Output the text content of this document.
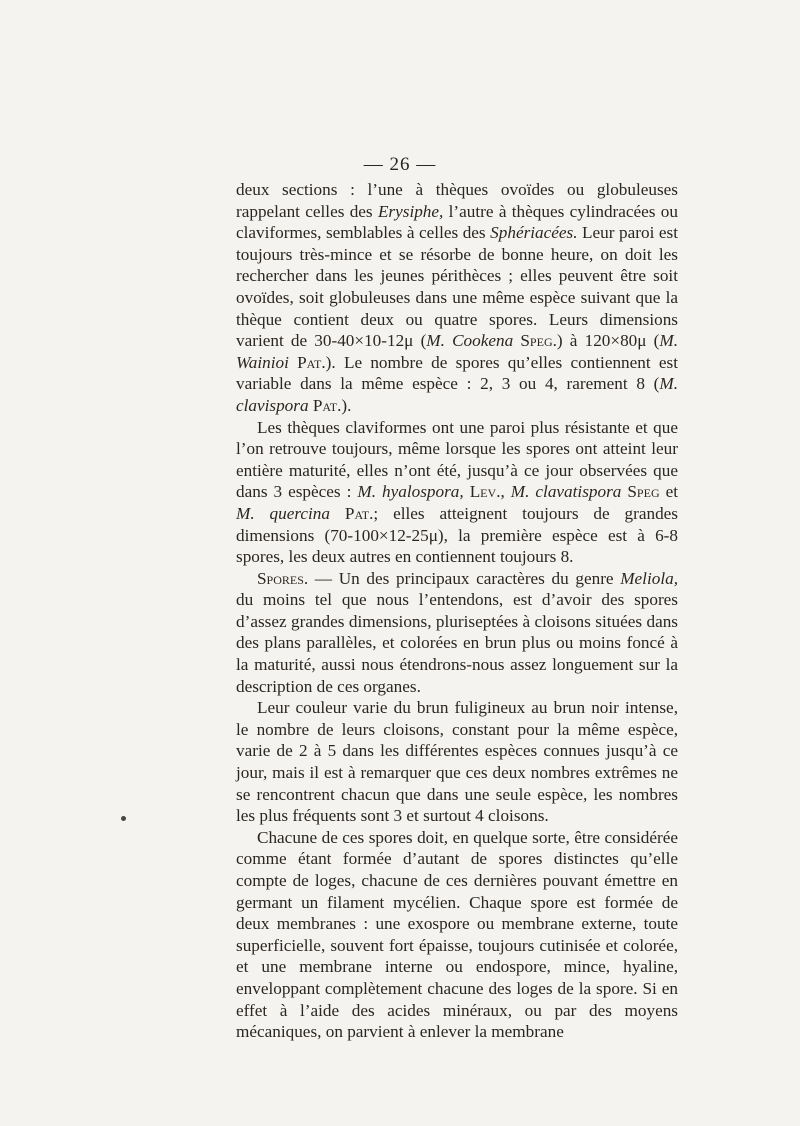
— 26 —

deux sections : l’une à thèques ovoïdes ou globuleuses rappelant celles des Erysiphe, l’autre à thèques cylindracées ou claviformes, semblables à celles des Sphériacées. Leur paroi est toujours très-mince et se résorbe de bonne heure, on doit les rechercher dans les jeunes périthèces ; elles peuvent être soit ovoïdes, soit globuleuses dans une même espèce suivant que la thèque contient deux ou quatre spores. Leurs dimensions varient de 30-40×10-12μ (M. Cookena Speg.) à 120×80μ (M. Wainioi Pat.). Le nombre de spores qu’elles contiennent est variable dans la même espèce : 2, 3 ou 4, rarement 8 (M. clavispora Pat.).

Les thèques claviformes ont une paroi plus résistante et que l’on retrouve toujours, même lorsque les spores ont atteint leur entière maturité, elles n’ont été, jusqu’à ce jour observées que dans 3 espèces : M. hyalospora, Lev., M. clavatispora Speg et M. quercina Pat.; elles atteignent toujours de grandes dimensions (70-100×12-25μ), la première espèce est à 6-8 spores, les deux autres en contiennent toujours 8.

Spores. — Un des principaux caractères du genre Meliola, du moins tel que nous l’entendons, est d’avoir des spores d’assez grandes dimensions, pluriseptées à cloisons situées dans des plans parallèles, et colorées en brun plus ou moins foncé à la maturité, aussi nous étendrons-nous assez longuement sur la description de ces organes.

Leur couleur varie du brun fuligineux au brun noir intense, le nombre de leurs cloisons, constant pour la même espèce, varie de 2 à 5 dans les différentes espèces connues jusqu’à ce jour, mais il est à remarquer que ces deux nombres extrêmes ne se rencontrent chacun que dans une seule espèce, les nombres les plus fréquents sont 3 et surtout 4 cloisons.

Chacune de ces spores doit, en quelque sorte, être considérée comme étant formée d’autant de spores distinctes qu’elle compte de loges, chacune de ces dernières pouvant émettre en germant un filament mycélien. Chaque spore est formée de deux membranes : une exospore ou membrane externe, toute superficielle, souvent fort épaisse, toujours cutinisée et colorée, et une membrane interne ou endospore, mince, hyaline, enveloppant complètement chacune des loges de la spore. Si en effet à l’aide des acides minéraux, ou par des moyens mécaniques, on parvient à enlever la membrane
